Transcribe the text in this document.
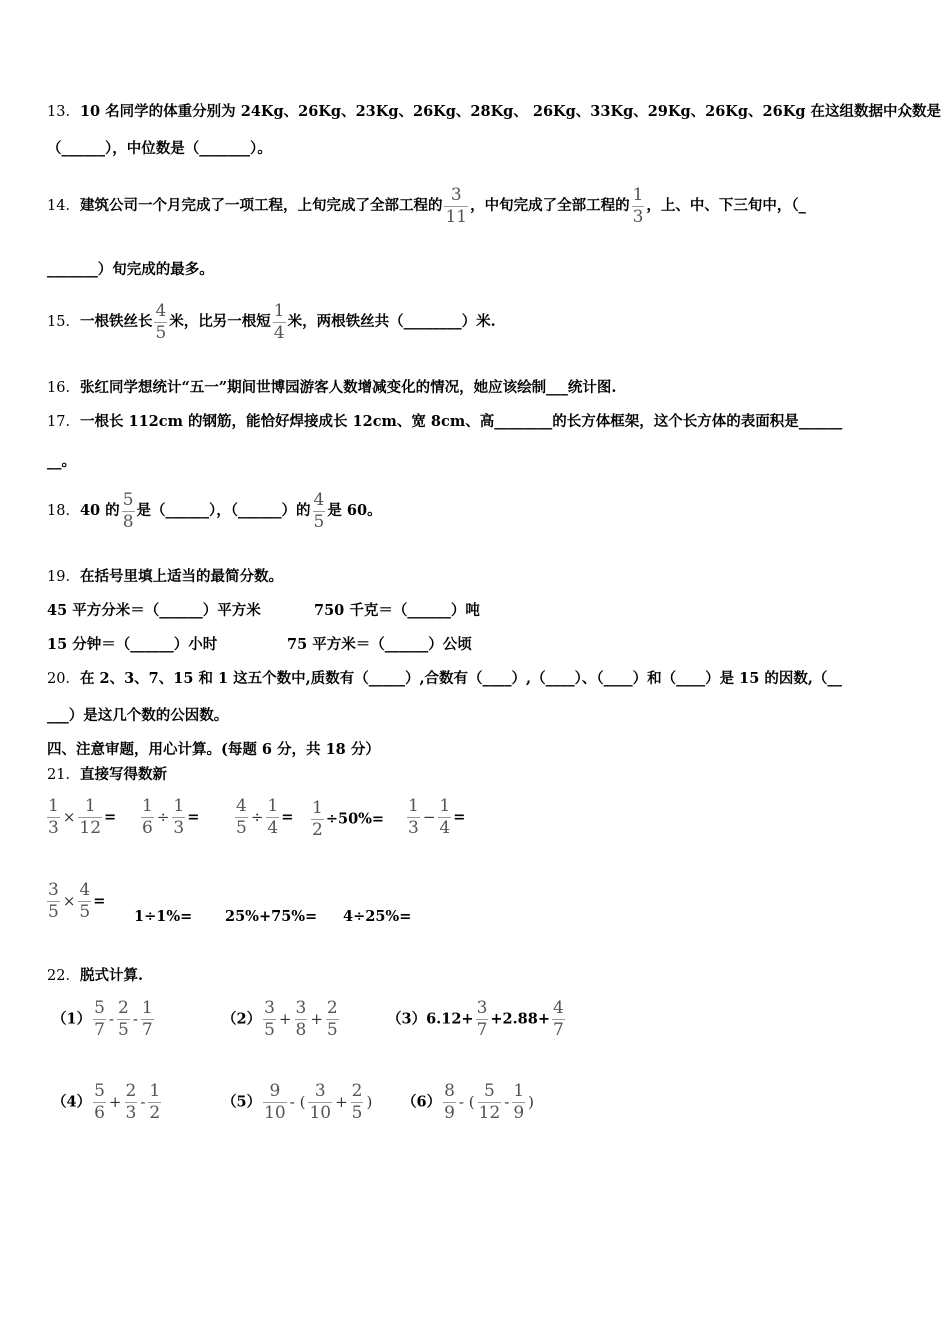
13．10 名同学的体重分别为 24Kg、26Kg、23Kg、26Kg、28Kg、 26Kg、33Kg、29Kg、26Kg、26Kg 在这组数据中众数是
（______），中位数是（_______）。
14．建筑公司一个月完成了一项工程，上旬完成了全部工程的 $\frac{3}{11}$ ，中旬完成了全部工程的 $\frac{1}{3}$ ，上、中、下三旬中，（_
_______）旬完成的最多。
15．一根铁丝长 $\frac{4}{5}$ 米，比另一根短 $\frac{1}{4}$ 米，两根铁丝共（________）米.
16．张红同学想统计“五一”期间世博园游客人数增减变化的情况，她应该绘制___统计图.
17．一根长 112cm 的钢筋，能恰好焊接成长 12cm、宽 8cm、高________的长方体框架，这个长方体的表面积是______
__。
18．40 的 $\frac{5}{8}$ 是（______），（______）的 $\frac{4}{5}$ 是 60。
19．在括号里填上适当的最简分数。
45 平方分米＝（______）平方米	750 千克＝（______）吨
15 分钟＝（______）小时	75 平方米＝（______）公顷
20．在 2、3、7、15 和 1 这五个数中,质数有（_____）,合数有（____）,（____）、（____）和（____）是 15 的因数,（__
___）是这几个数的公因数。
四、注意审题，用心计算。(每题 6 分，共 18 分）
21．直接写得数新
$\frac{1}{3} \times \frac{1}{12} = \frac{1}{6} \div \frac{1}{3} = \frac{4}{5} \div \frac{1}{4} = \frac{1}{2} \div 50\%= \frac{1}{3} - \frac{1}{4}$ =
$\frac{3}{5} \times \frac{4}{5}$ =
1÷1%= 25%+75%= 4÷25%=
22．脱式计算.
$(1) \frac{5}{7} - \frac{2}{5} - \frac{1}{7}$	$(2) \frac{3}{5} + \frac{3}{8} + \frac{2}{5}$	$(3)6.12+ \frac{3}{7} +2.88+ \frac{4}{7}$
$(4) \frac{5}{6} + \frac{2}{3} - \frac{1}{2}$	$(5) \frac{9}{10}$ - ( $\frac{3}{10} + \frac{2}{5}$ ) $(6) \frac{8}{9}$ - ( $\frac{5}{12} - \frac{1}{9}$ )
